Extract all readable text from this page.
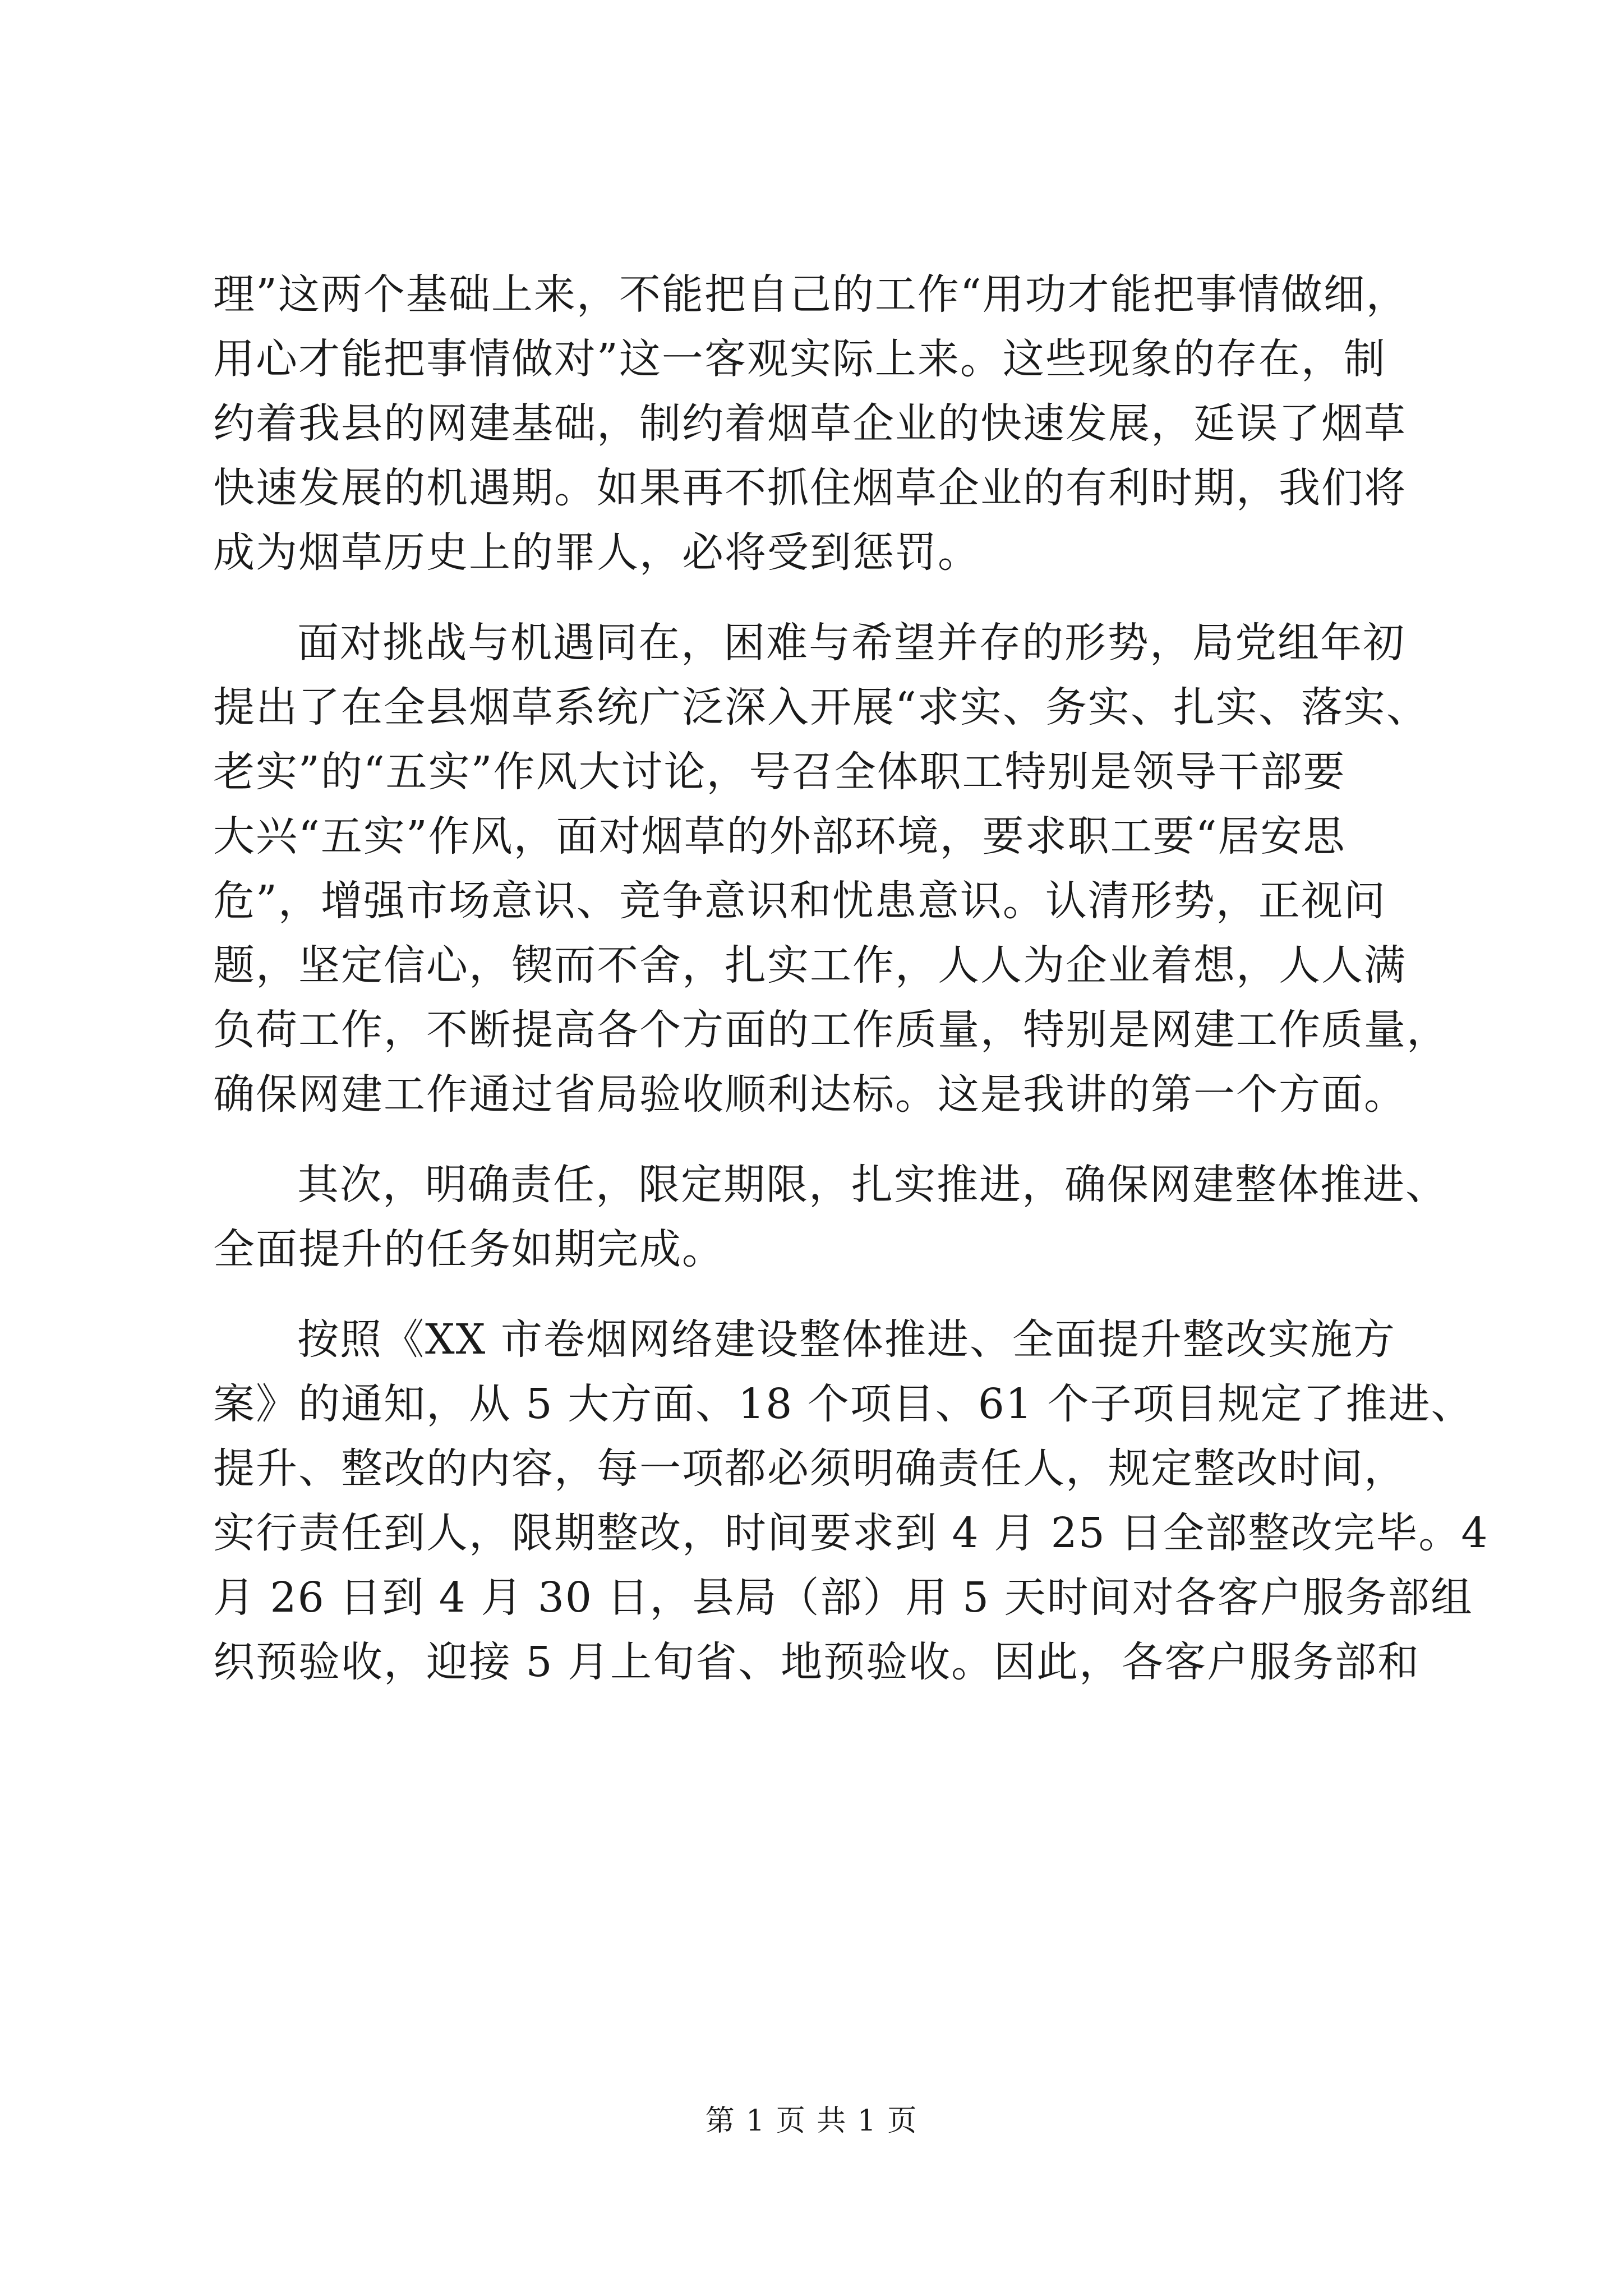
理”这两个基础上来，不能把自己的工作“用功才能把事情做细，
用心才能把事情做对”这一客观实际上来。这些现象的存在，制
约着我县的网建基础，制约着烟草企业的快速发展，延误了烟草
快速发展的机遇期。如果再不抓住烟草企业的有利时期，我们将
成为烟草历史上的罪人，必将受到惩罚。
面对挑战与机遇同在，困难与希望并存的形势，局党组年初
提出了在全县烟草系统广泛深入开展“求实、务实、扎实、落实、
老实”的“五实”作风大讨论，号召全体职工特别是领导干部要
大兴“五实”作风，面对烟草的外部环境，要求职工要“居安思
危”，增强市场意识、竞争意识和忧患意识。认清形势，正视问
题，坚定信心，锲而不舍，扎实工作，人人为企业着想，人人满
负荷工作，不断提高各个方面的工作质量，特别是网建工作质量，
确保网建工作通过省局验收顺利达标。这是我讲的第一个方面。
其次，明确责任，限定期限，扎实推进，确保网建整体推进、
全面提升的任务如期完成。
按照《XX 市卷烟网络建设整体推进、全面提升整改实施方
案》的通知，从 5 大方面、18 个项目、61 个子项目规定了推进、
提升、整改的内容，每一项都必须明确责任人，规定整改时间，
实行责任到人，限期整改，时间要求到 4 月 25 日全部整改完毕。4
月 26 日到 4 月 30 日，县局（部）用 5 天时间对各客户服务部组
织预验收，迎接 5 月上旬省、地预验收。因此，各客户服务部和
第 1 页 共 1 页
